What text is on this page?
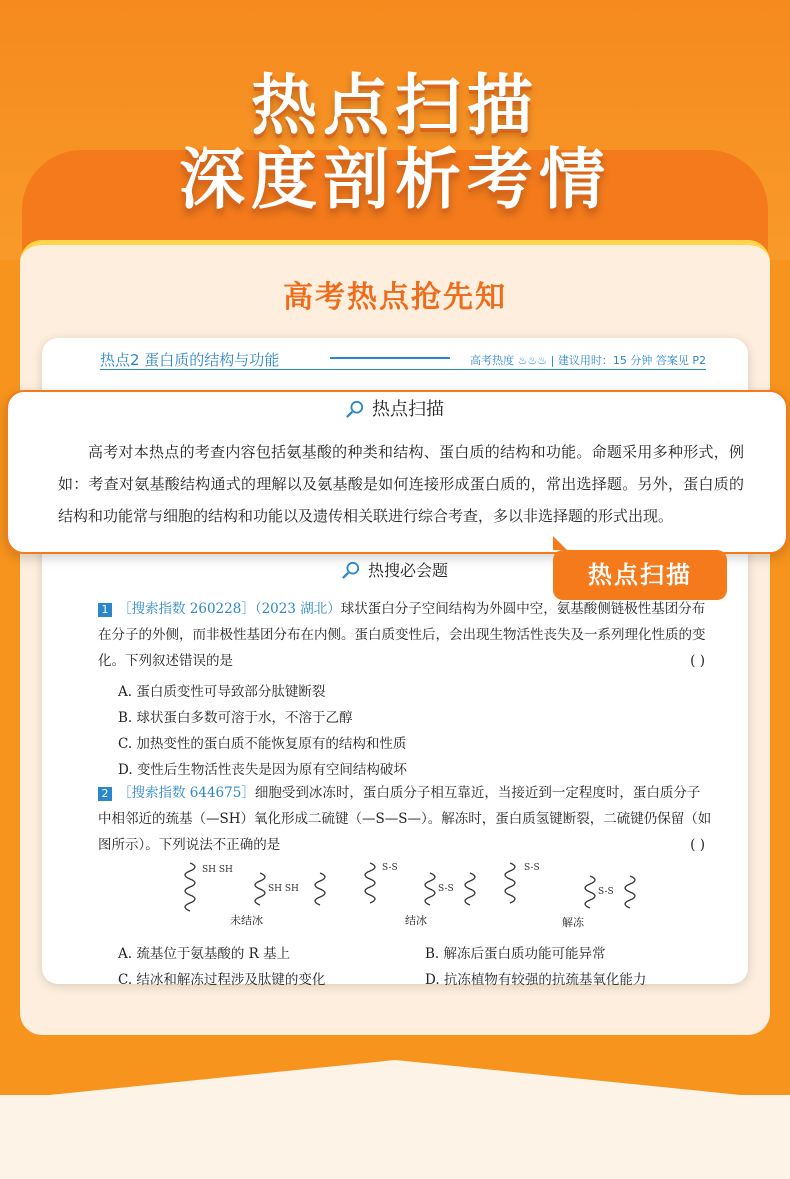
热点扫描
深度剖析考情
高考热点抢先知
热点2 蛋白质的结构与功能	高考热度 ♨♨♨ | 建议用时：15 分钟 答案见 P2
热点扫描
高考对本热点的考查内容包括氨基酸的种类和结构、蛋白质的结构和功能。命题采用多种形式，例如：考查对氨基酸结构通式的理解以及氨基酸是如何连接形成蛋白质的，常出选择题。另外，蛋白质的结构和功能常与细胞的结构和功能以及遗传相关联进行综合考查，多以非选择题的形式出现。
热点扫描
热搜必会题
1 ［搜索指数 260228］（2023 湖北）球状蛋白分子空间结构为外圆中空，氨基酸侧链极性基团分布在分子的外侧，而非极性基团分布在内侧。蛋白质变性后，会出现生物活性丧失及一系列理化性质的变化。下列叙述错误的是	( )
A. 蛋白质变性可导致部分肽键断裂
B. 球状蛋白多数可溶于水，不溶于乙醇
C. 加热变性的蛋白质不能恢复原有的结构和性质
D. 变性后生物活性丧失是因为原有空间结构破坏
2 ［搜索指数 644675］细胞受到冰冻时，蛋白质分子相互靠近，当接近到一定程度时，蛋白质分子中相邻近的巯基（—SH）氧化形成二硫键（—S—S—）。解冻时，蛋白质氢键断裂，二硫键仍保留（如图所示）。下列说法不正确的是	( )
SH SH
SH SH
S-S
S-S
S-S
S-S
未结冰	结冰	解冻
A. 巯基位于氨基酸的 R 基上	B. 解冻后蛋白质功能可能异常
C. 结冰和解冻过程涉及肽键的变化	D. 抗冻植物有较强的抗巯基氧化能力
